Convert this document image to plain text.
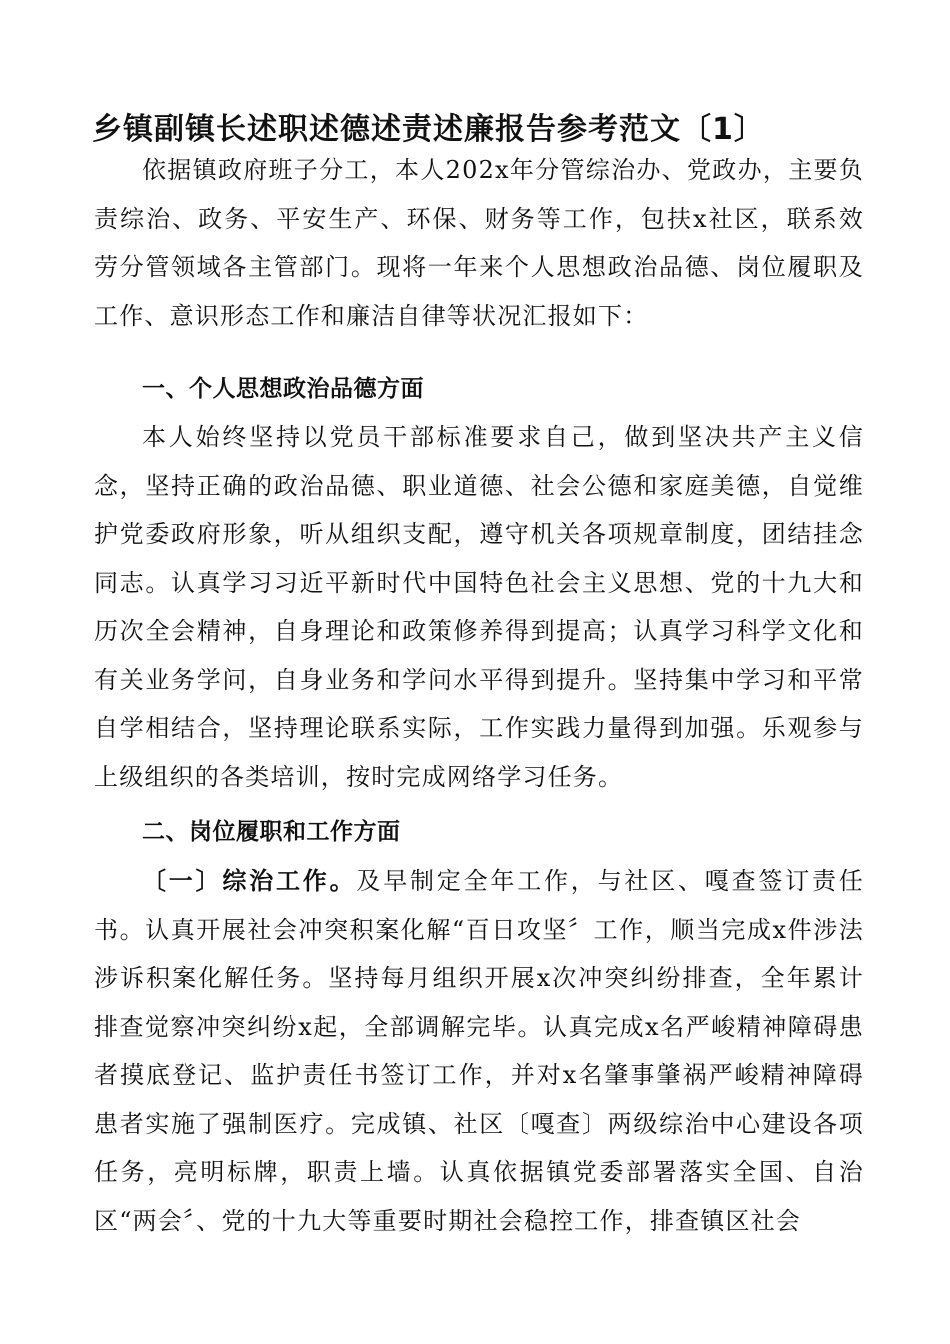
乡镇副镇长述职述德述责述廉报告参考范文〔1〕

依据镇政府班子分工，本人202x年分管综治办、党政办，主要负责综治、政务、平安生产、环保、财务等工作，包扶x社区，联系效劳分管领域各主管部门。现将一年来个人思想政治品德、岗位履职及工作、意识形态工作和廉洁自律等状况汇报如下：

一、个人思想政治品德方面

本人始终坚持以党员干部标准要求自己，做到坚决共产主义信念，坚持正确的政治品德、职业道德、社会公德和家庭美德，自觉维护党委政府形象，听从组织支配，遵守机关各项规章制度，团结挂念同志。认真学习习近平新时代中国特色社会主义思想、党的十九大和历次全会精神，自身理论和政策修养得到提高；认真学习科学文化和有关业务学问，自身业务和学问水平得到提升。坚持集中学习和平常自学相结合，坚持理论联系实际，工作实践力量得到加强。乐观参与上级组织的各类培训，按时完成网络学习任务。

二、岗位履职和工作方面

〔一〕综治工作。及早制定全年工作，与社区、嘎查签订责任书。认真开展社会冲突积案化解“百日攻坚〞工作，顺当完成x件涉法涉诉积案化解任务。坚持每月组织开展x次冲突纠纷排查，全年累计排查觉察冲突纠纷x起，全部调解完毕。认真完成x名严峻精神障碍患者摸底登记、监护责任书签订工作，并对x名肇事肇祸严峻精神障碍患者实施了强制医疗。完成镇、社区〔嘎查〕两级综治中心建设各项任务，亮明标牌，职责上墙。认真依据镇党委部署落实全国、自治区“两会〞、党的十九大等重要时期社会稳控工作，排查镇区社会
